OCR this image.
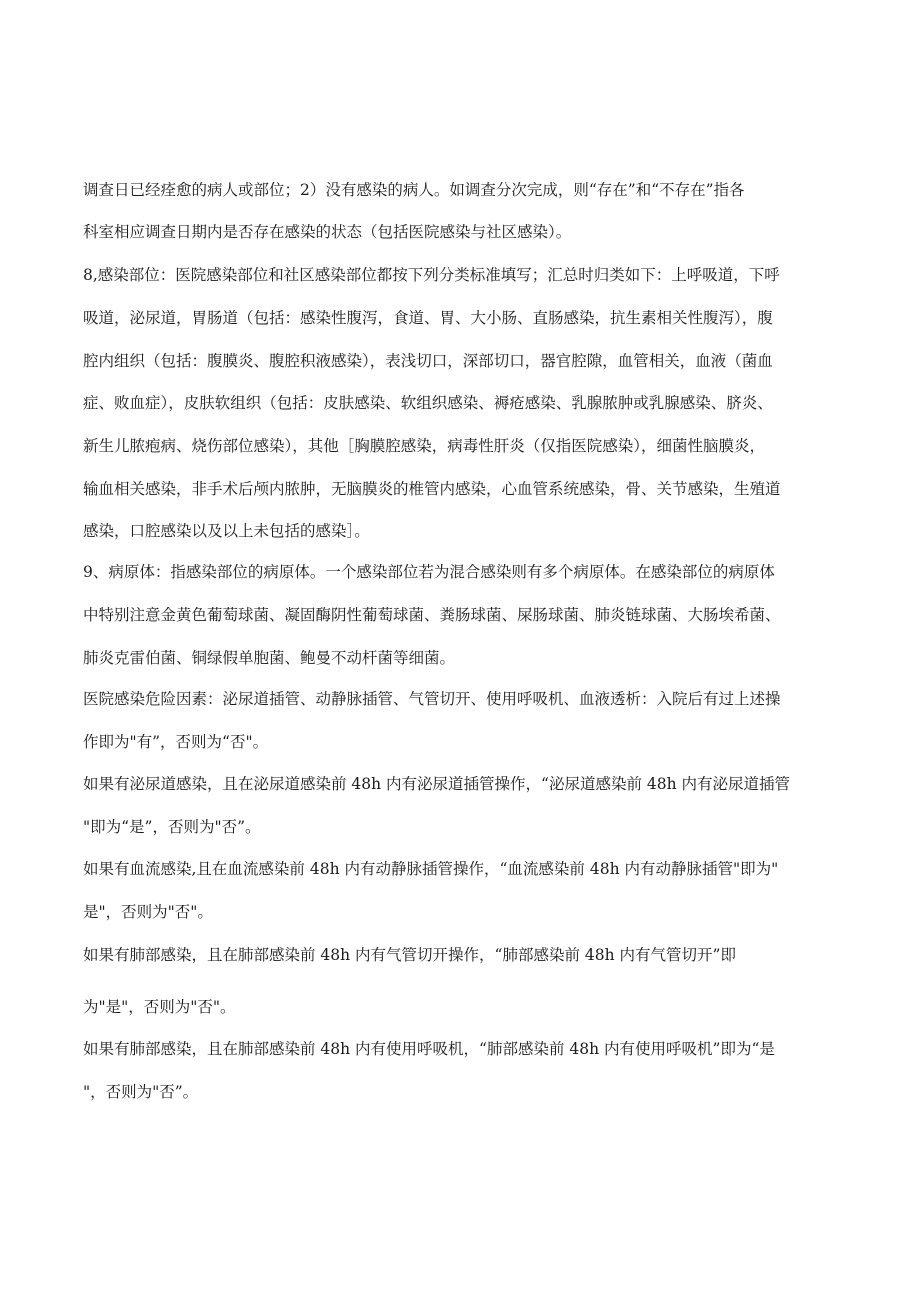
调查日已经痊愈的病人或部位；2）没有感染的病人。如调查分次完成，则“存在”和“不存在”指各
科室相应调查日期内是否存在感染的状态（包括医院感染与社区感染）。
8,感染部位：医院感染部位和社区感染部位都按下列分类标准填写；汇总时归类如下：上呼吸道，下呼
吸道，泌尿道，胃肠道（包括：感染性腹泻，食道、胃、大小肠、直肠感染，抗生素相关性腹泻），腹
腔内组织（包括：腹膜炎、腹腔积液感染），表浅切口，深部切口，器官腔隙，血管相关，血液（菌血
症、败血症），皮肤软组织（包括：皮肤感染、软组织感染、褥疮感染、乳腺脓肿或乳腺感染、脐炎、
新生儿脓疱病、烧伤部位感染），其他［胸膜腔感染，病毒性肝炎（仅指医院感染），细菌性脑膜炎，
输血相关感染，非手术后颅内脓肿，无脑膜炎的椎管内感染，心血管系统感染，骨、关节感染，生殖道
感染，口腔感染以及以上未包括的感染］。
9、病原体：指感染部位的病原体。一个感染部位若为混合感染则有多个病原体。在感染部位的病原体
中特别注意金黄色葡萄球菌、凝固酶阴性葡萄球菌、粪肠球菌、屎肠球菌、肺炎链球菌、大肠埃希菌、
肺炎克雷伯菌、铜绿假单胞菌、鲍曼不动杆菌等细菌。
医院感染危险因素：泌尿道插管、动静脉插管、气管切开、使用呼吸机、血液透析：入院后有过上述操
作即为"有”，否则为“否"。
如果有泌尿道感染，且在泌尿道感染前 48h 内有泌尿道插管操作，“泌尿道感染前 48h 内有泌尿道插管
"即为“是”，否则为"否”。
如果有血流感染,且在血流感染前 48h 内有动静脉插管操作，“血流感染前 48h 内有动静脉插管"即为"
是"，否则为"否"。
如果有肺部感染，且在肺部感染前 48h 内有气管切开操作，“肺部感染前 48h 内有气管切开”即
为"是"，否则为"否"。
如果有肺部感染，且在肺部感染前 48h 内有使用呼吸机，“肺部感染前 48h 内有使用呼吸机”即为“是
"，否则为"否”。
